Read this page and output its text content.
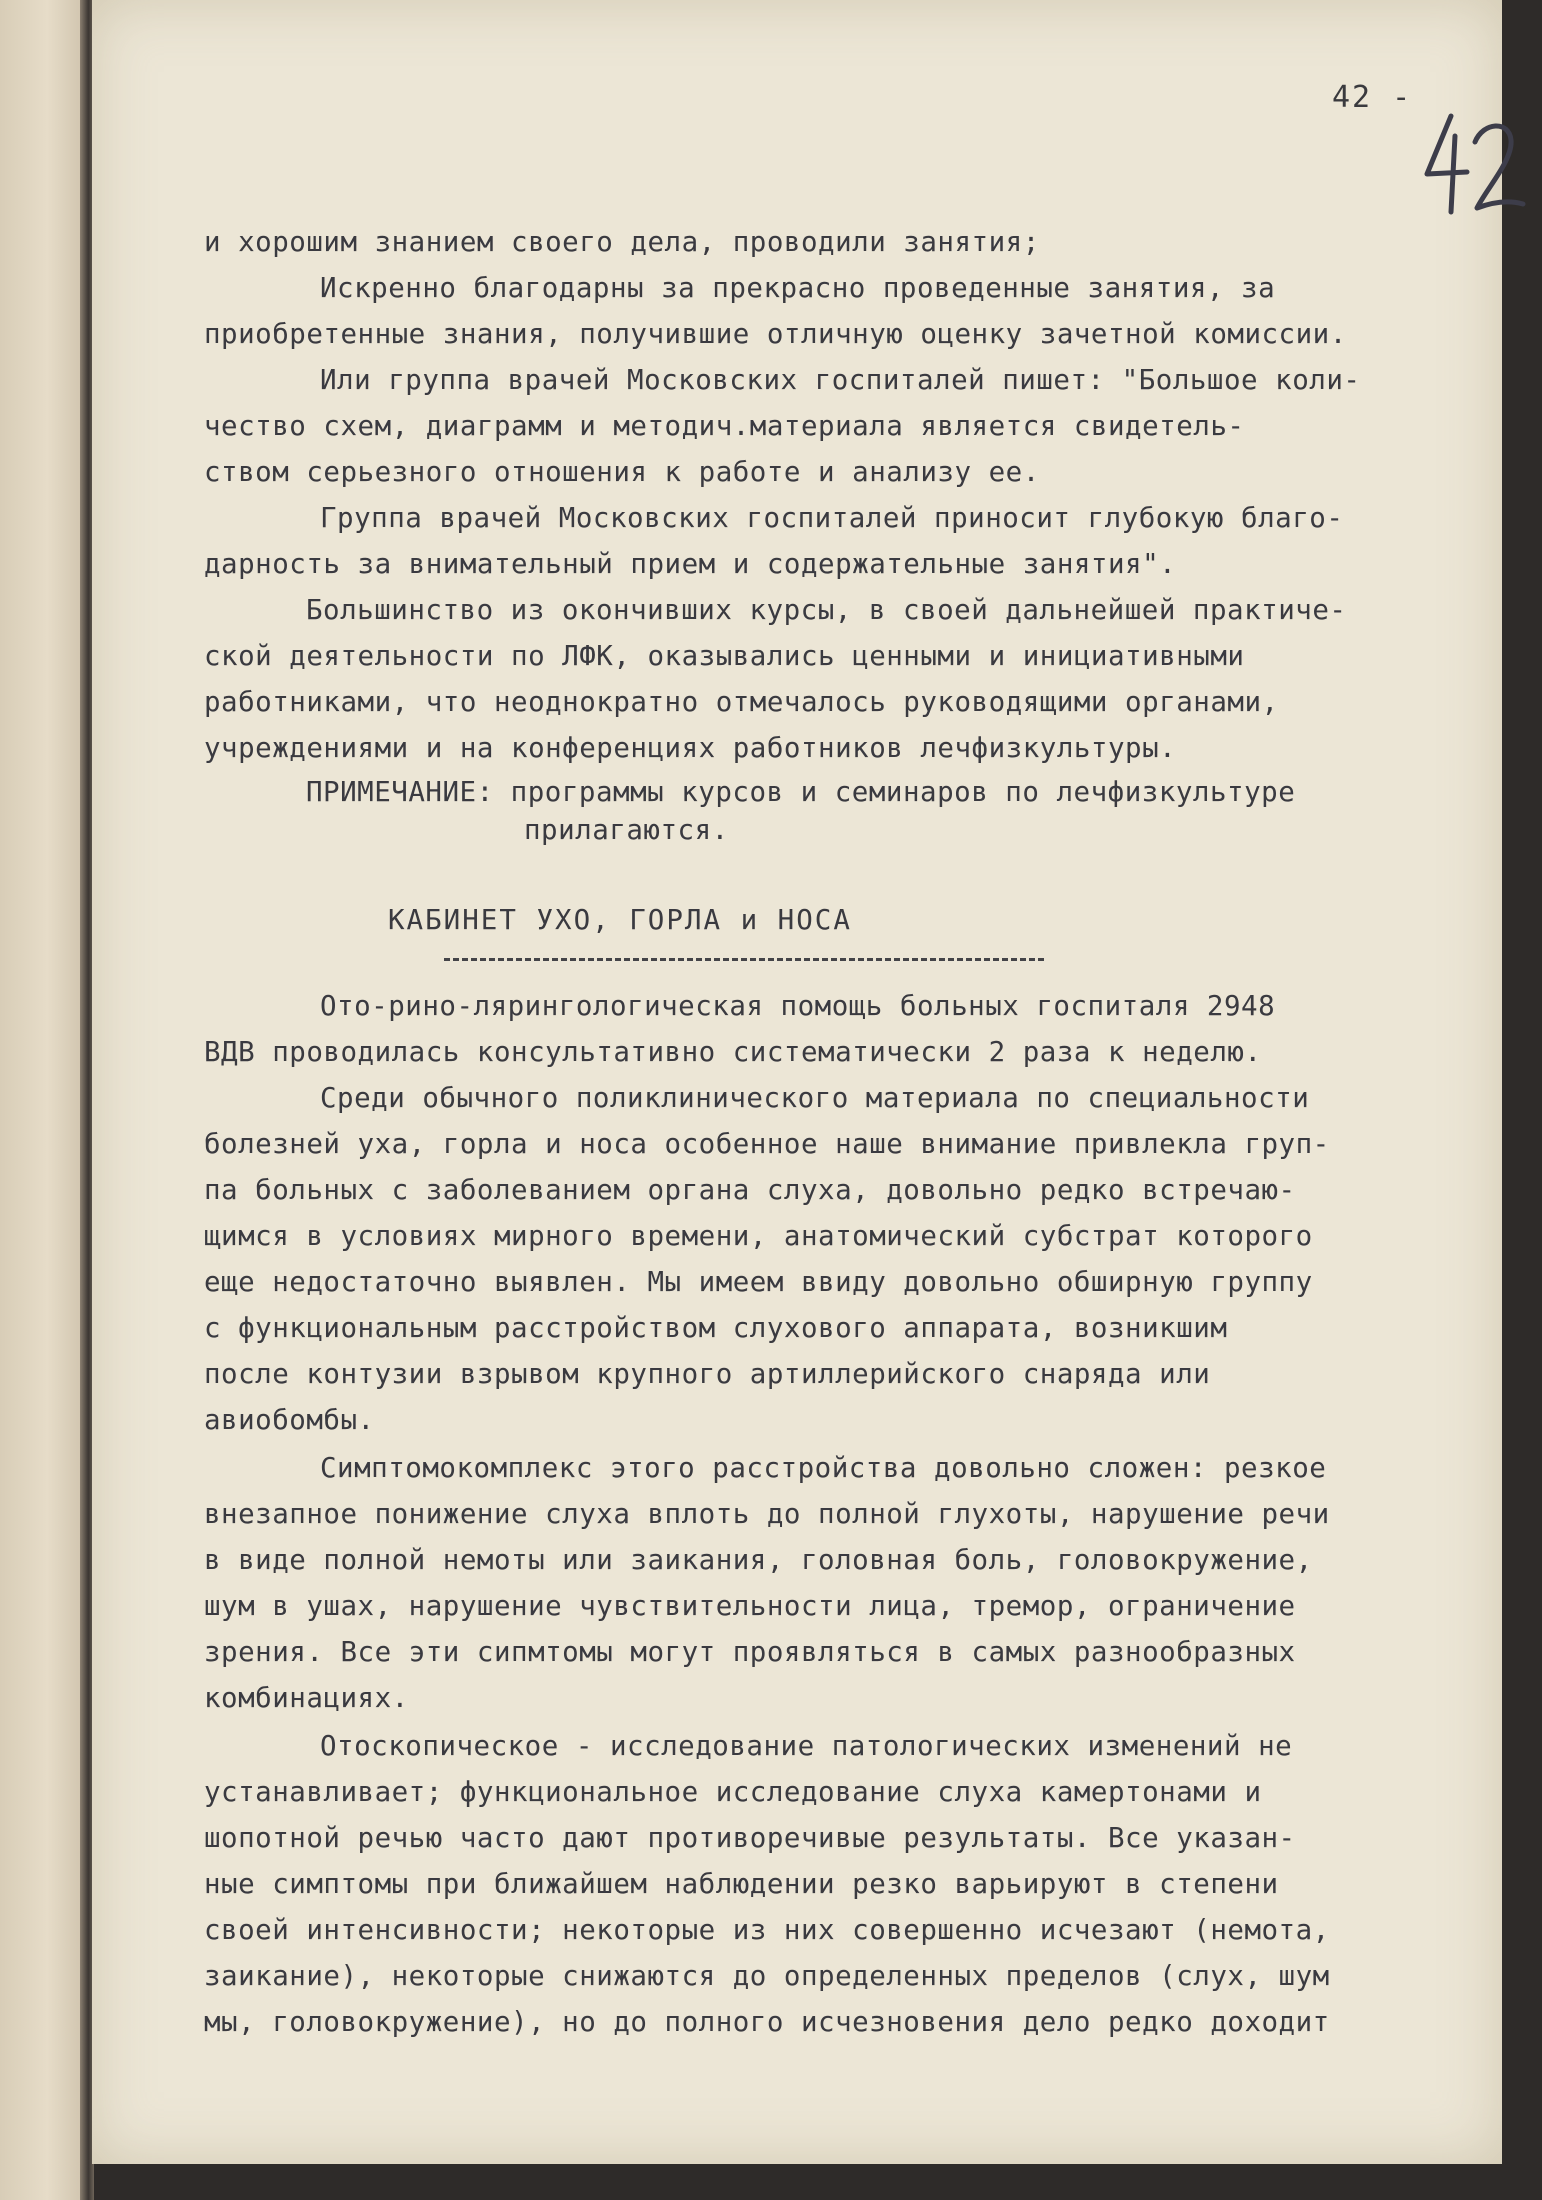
42 -
и хорошим знанием своего дела, проводили занятия;
Искренно благодарны за прекрасно проведенные занятия, за
приобретенные знания, получившие отличную оценку зачетной комиссии.
Или группа врачей Московских госпиталей пишет: "Большое коли-
чество схем, диаграмм и методич.материала является свидетель-
ством серьезного отношения к работе и анализу ее.
Группа врачей Московских госпиталей приносит глубокую благо-
дарность за внимательный прием и содержательные занятия".
Большинство из окончивших курсы, в своей дальнейшей практиче-
ской деятельности по ЛФК, оказывались ценными и инициативными
работниками, что неоднократно отмечалось руководящими органами,
учреждениями и на конференциях работников лечфизкультуры.
ПРИМЕЧАНИЕ: программы курсов и семинаров по лечфизкультуре
прилагаются.
КАБИНЕТ УХО, ГОРЛА и НОСА
Ото-рино-ляринголoгическая помощь больных госпиталя 2948
ВДВ проводилась консультативно систематически 2 раза к неделю.
Среди обычного поликлинического материала по специальности
болезней уха, горла и носа особенное наше внимание привлекла груп-
па больных с заболеванием органа слуха, довольно редко встречаю-
щимся в условиях мирного времени, анатомический субстрат которого
еще недостаточно выявлен. Мы имеем ввиду довольно обширную группу
с функциональным расстройством слухового аппарата, возникшим
после контузии взрывом крупного артиллерийского снаряда или
авиобомбы.
Симптомокомплекс этого расстройства довольно сложен: резкое
внезапное понижение слуха вплоть до полной глухоты, нарушение речи
в виде полной немоты или заикания, головная боль, головокружение,
шум в ушах, нарушение чувствительности лица, тремор, ограничение
зрения. Все эти сипмтомы могут проявляться в самых разнообразных
комбинациях.
Отоскопическое - исследование патологических изменений не
устанавливает; функциональное исследование слуха камертонами и
шопотной речью часто дают противоречивые результаты. Все указан-
ные симптомы при ближайшем наблюдении резко варьируют в степени
своей интенсивности; некоторые из них совершенно исчезают (немота,
заикание), некоторые снижаются до определенных пределов (слух, шум
мы, головокружение), но до полного исчезновения дело редко доходит
